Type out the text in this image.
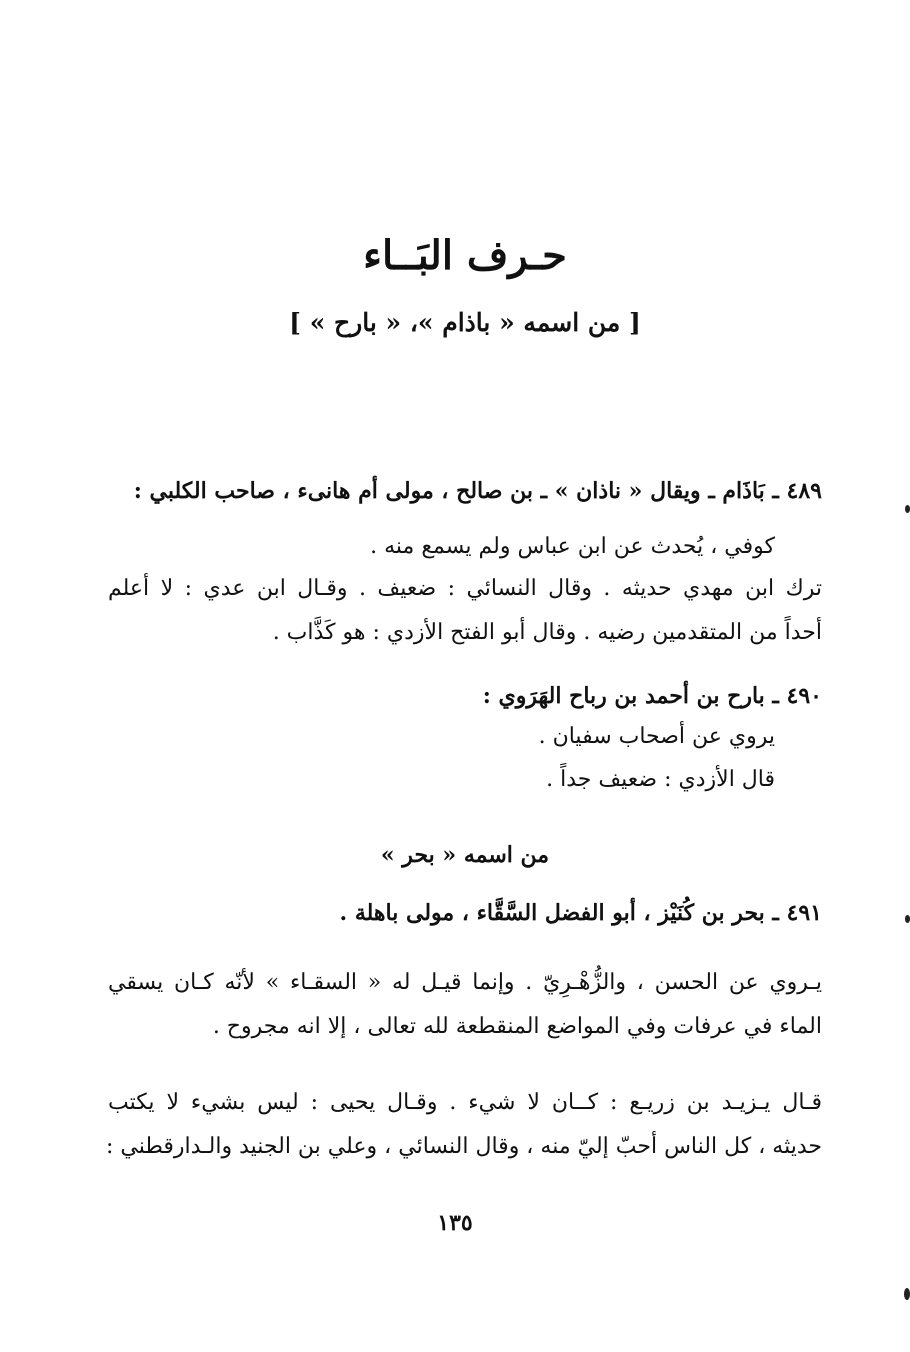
حـرف البَــاء
[ من اسمه « باذام »، « بارح » ]
٤٨٩ ـ بَاذَام ـ ويقال « ناذان » ـ بن صالح ، مولى أم هانىء ، صاحب الكلبي :
كوفي ، يُحدث عن ابن عباس ولم يسمع منه .
ترك ابن مهدي حديثه . وقال النسائي : ضعيف . وقـال ابن عدي : لا أعلم
أحداً من المتقدمين رضيه . وقال أبو الفتح الأزدي : هو كَذَّاب .
٤٩٠ ـ بارح بن أحمد بن رباح الهَرَوي :
يروي عن أصحاب سفيان .
قال الأزدي : ضعيف جداً .
من اسمه « بحر »
٤٩١ ـ بحر بن كُنَيْز ، أبو الفضل السَّقَّاء ، مولى باهلة .
يـروي عن الحسن ، والزُّهْـرِيّ . وإنما قيـل له « السقـاء » لأنّه كـان يسقي
الماء في عرفات وفي المواضع المنقطعة لله تعالى ، إلا انه مجروح .
قـال يـزيـد بن زريـع : كــان لا شيء . وقـال يحيى : ليس بشيء لا يكتب
حديثه ، كل الناس أحبّ إليّ منه ، وقال النسائي ، وعلي بن الجنيد والـدارقطني :
١٣٥
